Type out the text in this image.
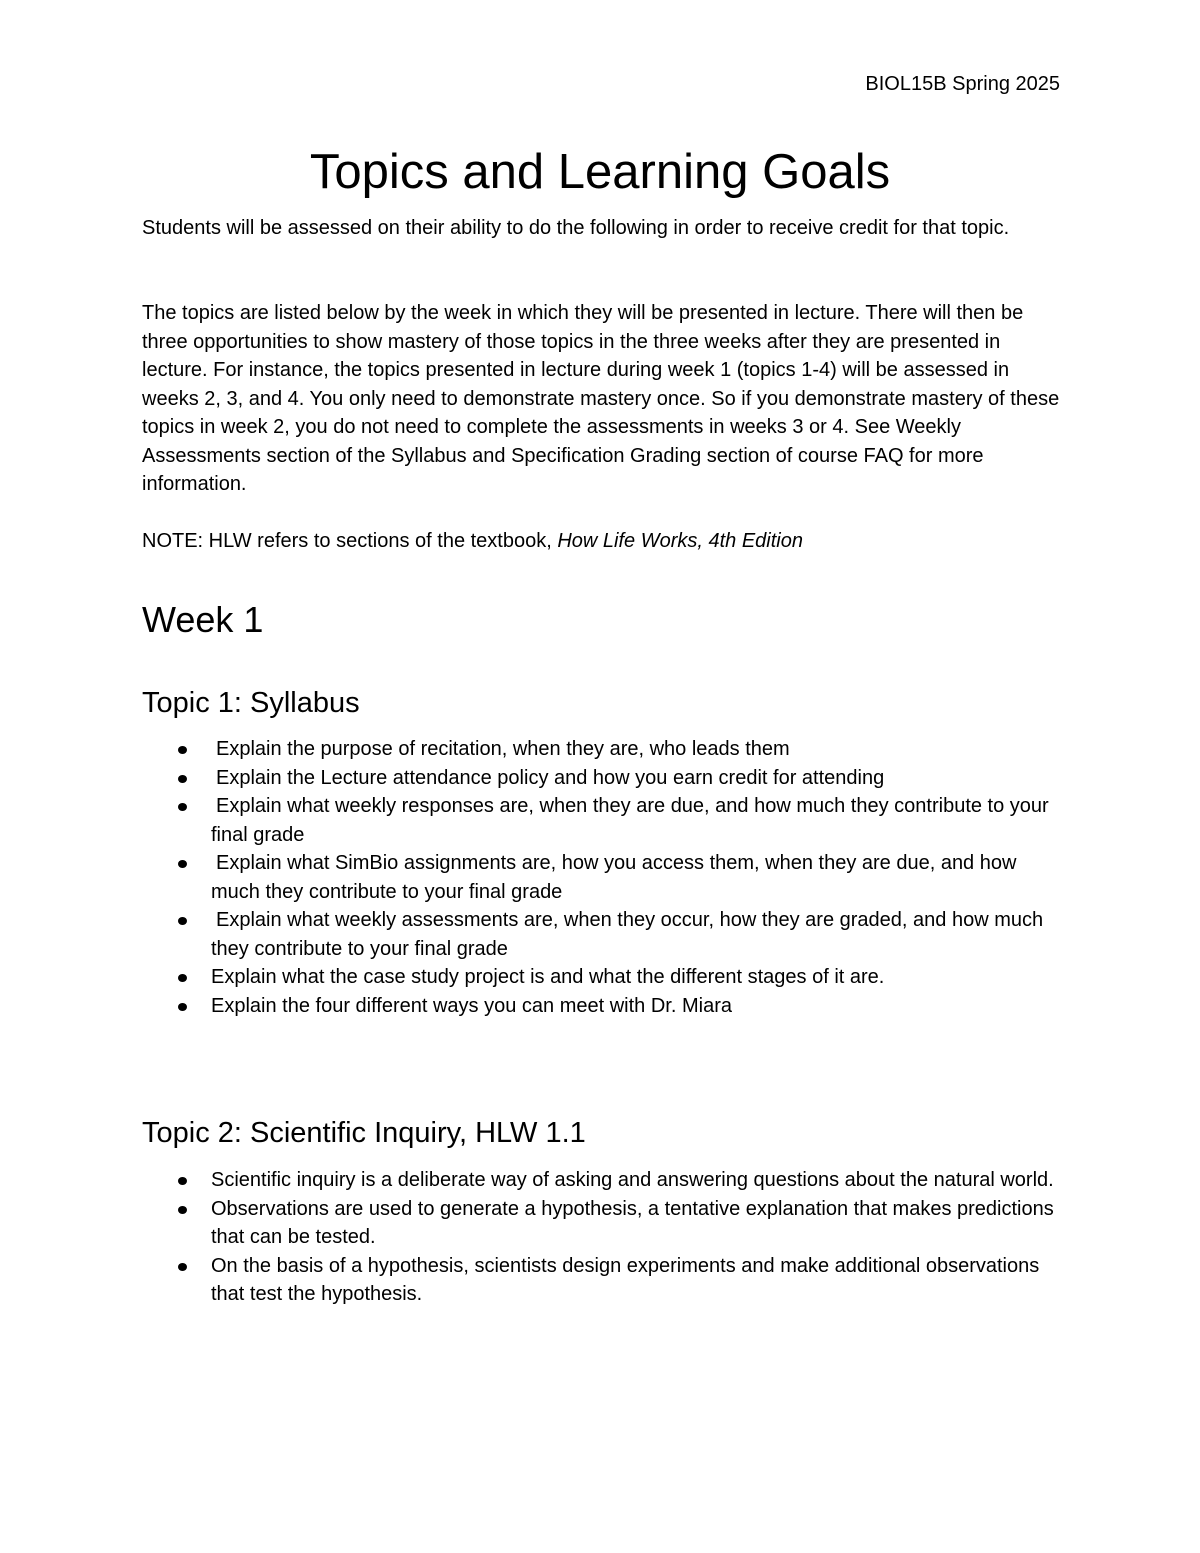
BIOL15B Spring 2025
Topics and Learning Goals

Students will be assessed on their ability to do the following in order to receive credit for that topic.

The topics are listed below by the week in which they will be presented in lecture. There will then be three opportunities to show mastery of those topics in the three weeks after they are presented in lecture. For instance, the topics presented in lecture during week 1 (topics 1-4) will be assessed in weeks 2, 3, and 4. You only need to demonstrate mastery once. So if you demonstrate mastery of these topics in week 2, you do not need to complete the assessments in weeks 3 or 4. See Weekly Assessments section of the Syllabus and Specification Grading section of course FAQ for more information.

NOTE: HLW refers to sections of the textbook, How Life Works, 4th Edition

Week 1
Topic 1: Syllabus
Explain the purpose of recitation, when they are, who leads them
Explain the Lecture attendance policy and how you earn credit for attending
Explain what weekly responses are, when they are due, and how much they contribute to your final grade
Explain what SimBio assignments are, how you access them, when they are due, and how much they contribute to your final grade
Explain what weekly assessments are, when they occur, how they are graded, and how much they contribute to your final grade
Explain what the case study project is and what the different stages of it are.
Explain the four different ways you can meet with Dr. Miara
Topic 2: Scientific Inquiry, HLW 1.1
Scientific inquiry is a deliberate way of asking and answering questions about the natural world.
Observations are used to generate a hypothesis, a tentative explanation that makes predictions that can be tested.
On the basis of a hypothesis, scientists design experiments and make additional observations that test the hypothesis.
